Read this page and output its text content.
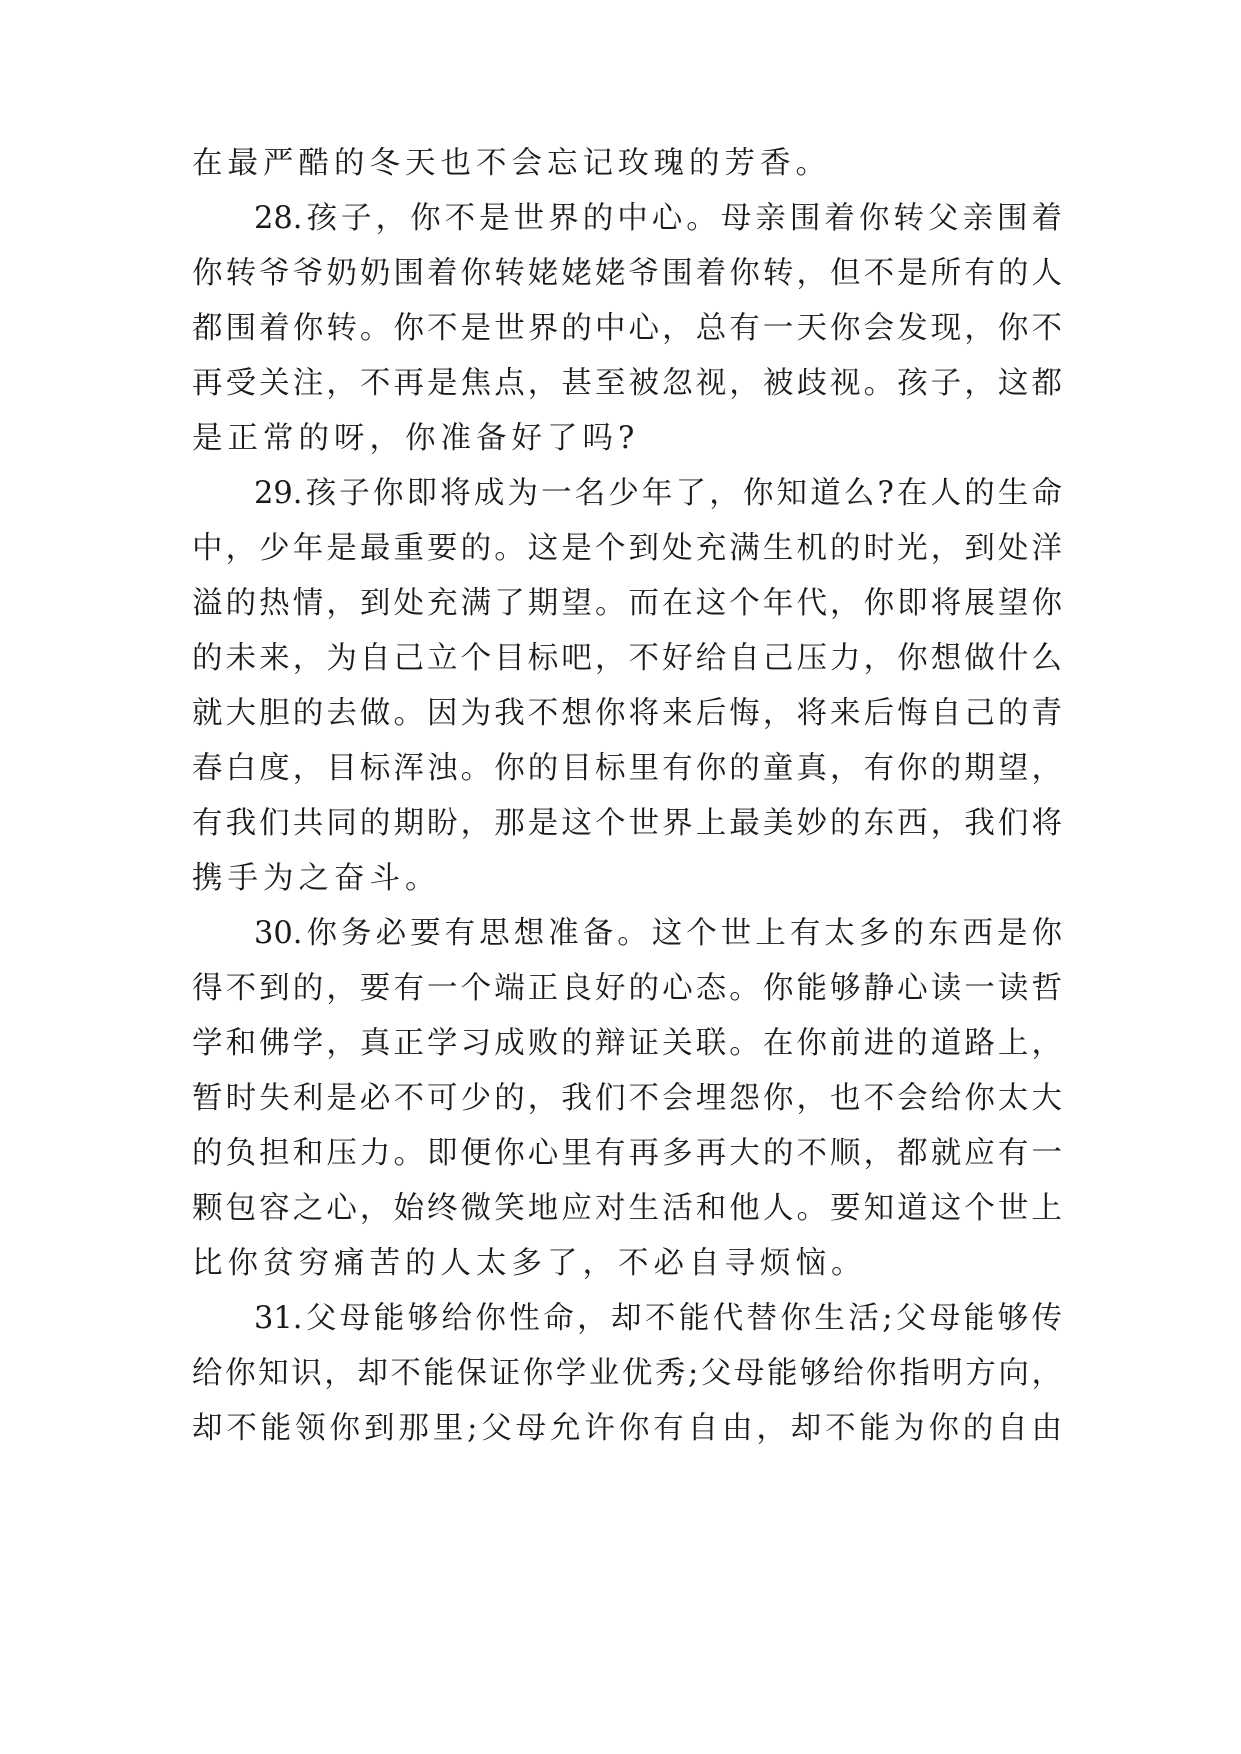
在最严酷的冬天也不会忘记玫瑰的芳香。
28.孩子，你不是世界的中心。母亲围着你转父亲围着
你转爷爷奶奶围着你转姥姥姥爷围着你转，但不是所有的人
都围着你转。你不是世界的中心，总有一天你会发现，你不
再受关注，不再是焦点，甚至被忽视，被歧视。孩子，这都
是正常的呀，你准备好了吗?
29.孩子你即将成为一名少年了，你知道么?在人的生命
中，少年是最重要的。这是个到处充满生机的时光，到处洋
溢的热情，到处充满了期望。而在这个年代，你即将展望你
的未来，为自己立个目标吧，不好给自己压力，你想做什么
就大胆的去做。因为我不想你将来后悔，将来后悔自己的青
春白度，目标浑浊。你的目标里有你的童真，有你的期望，
有我们共同的期盼，那是这个世界上最美妙的东西，我们将
携手为之奋斗。
30.你务必要有思想准备。这个世上有太多的东西是你
得不到的，要有一个端正良好的心态。你能够静心读一读哲
学和佛学，真正学习成败的辩证关联。在你前进的道路上，
暂时失利是必不可少的，我们不会埋怨你，也不会给你太大
的负担和压力。即便你心里有再多再大的不顺，都就应有一
颗包容之心，始终微笑地应对生活和他人。要知道这个世上
比你贫穷痛苦的人太多了，不必自寻烦恼。
31.父母能够给你性命，却不能代替你生活;父母能够传
给你知识，却不能保证你学业优秀;父母能够给你指明方向，
却不能领你到那里;父母允许你有自由，却不能为你的自由
